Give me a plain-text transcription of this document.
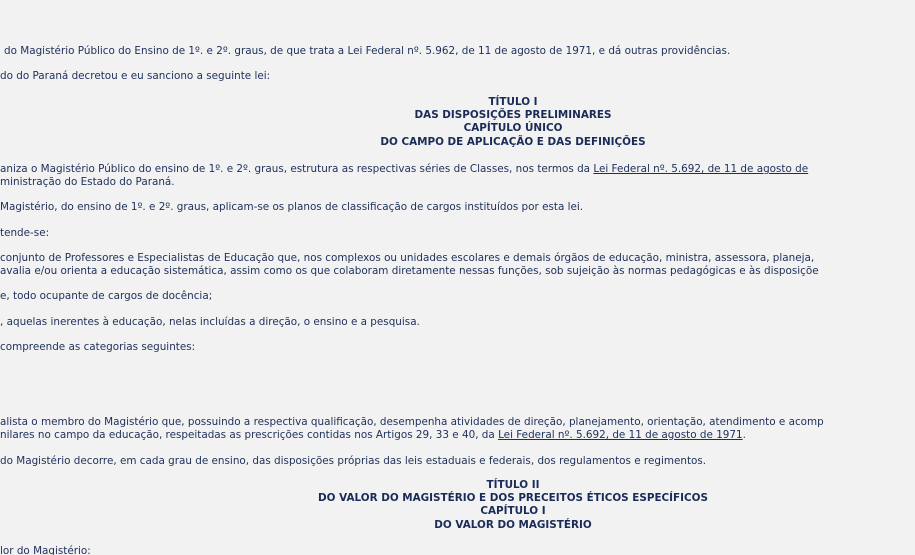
do Magistério Público do Ensino de 1º. e 2º. graus, de que trata a Lei Federal nº. 5.962, de 11 de agosto de 1971, e dá outras providências.
do do Paraná decretou e eu sanciono a seguinte lei:
TÍTULO I
DAS DISPOSIÇÕES PRELIMINARES
CAPÍTULO ÚNICO
DO CAMPO DE APLICAÇÃO E DAS DEFINIÇÕES
aniza o Magistério Público do ensino de 1º. e 2º. graus, estrutura as respectivas séries de Classes, nos termos da Lei Federal nº. 5.692, de 11 de agosto de
ministração do Estado do Paraná.
Magistério, do ensino de 1º. e 2º. graus, aplicam-se os planos de classificação de cargos instituídos por esta lei.
tende-se:
conjunto de Professores e Especialistas de Educação que, nos complexos ou unidades escolares e demais órgãos de educação, ministra, assessora, planeja,
avalia e/ou orienta a educação sistemática, assim como os que colaboram diretamente nessas funções, sob sujeição às normas pedagógicas e às disposiçõe
e, todo ocupante de cargos de docência;
, aquelas inerentes à educação, nelas incluídas a direção, o ensino e a pesquisa.
compreende as categorias seguintes:
alista o membro do Magistério que, possuindo a respectiva qualificação, desempenha atividades de direção, planejamento, orientação, atendimento e acomp
nilares no campo da educação, respeitadas as prescrições contidas nos Artigos 29, 33 e 40, da Lei Federal nº. 5.692, de 11 de agosto de 1971.
do Magistério decorre, em cada grau de ensino, das disposições próprias das leis estaduais e federais, dos regulamentos e regimentos.
TÍTULO II
DO VALOR DO MAGISTÉRIO E DOS PRECEITOS ÉTICOS ESPECÍFICOS
CAPÍTULO I
DO VALOR DO MAGISTÉRIO
lor do Magistério:
